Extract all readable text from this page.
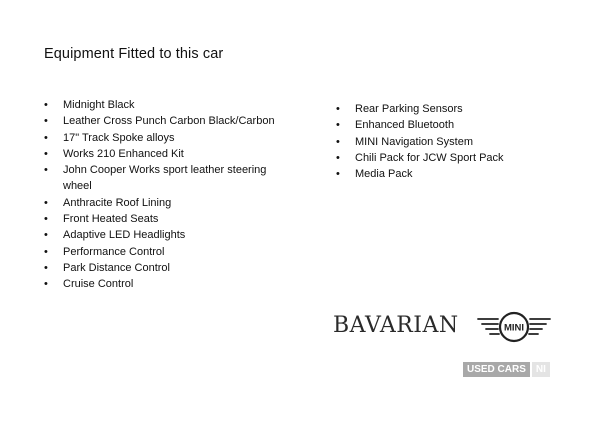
Equipment Fitted to this car
• Midnight Black
• Leather Cross Punch Carbon Black/Carbon
• 17" Track Spoke alloys
• Works 210 Enhanced Kit
• John Cooper Works sport leather steering wheel
• Anthracite Roof Lining
• Front Heated Seats
• Adaptive LED Headlights
• Performance Control
• Park Distance Control
• Cruise Control
• Rear Parking Sensors
• Enhanced Bluetooth
• MINI Navigation System
• Chili Pack for JCW Sport Pack
• Media Pack
BAVARIAN	MINI
USED CARS	NI
